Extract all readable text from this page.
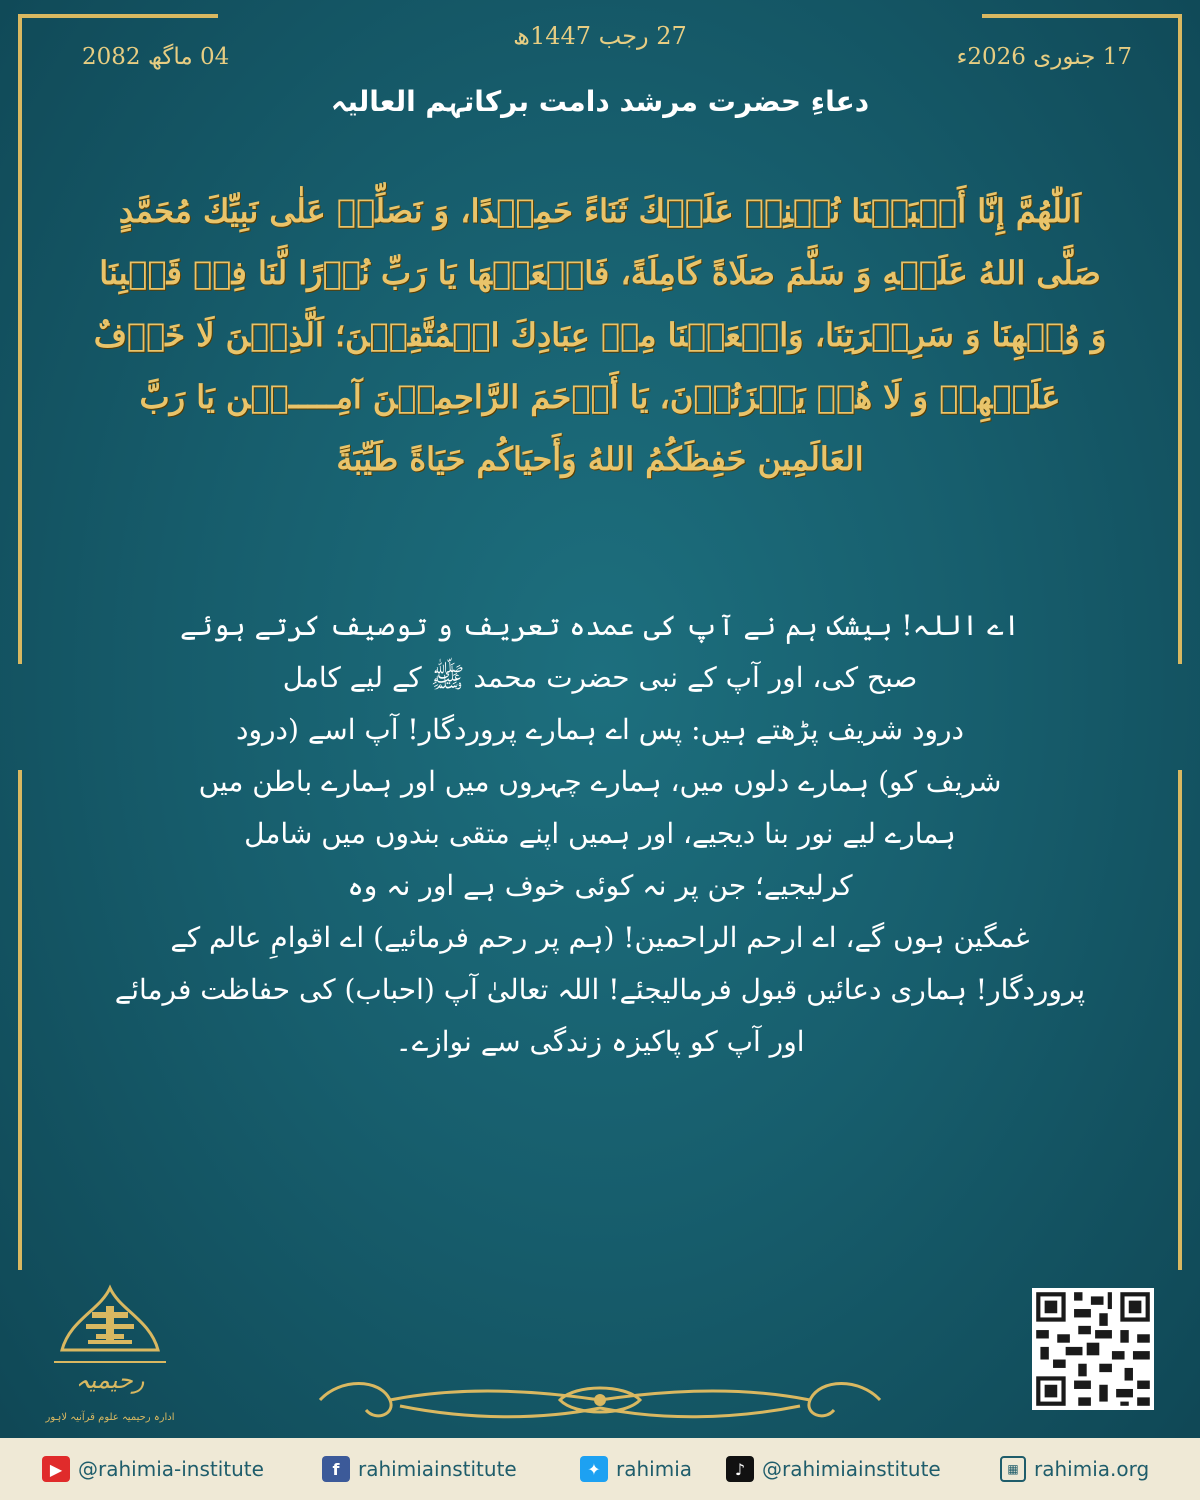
27 رجب 1447ھ
17 جنوری 2026ء
04 ماگھ 2082
دعاءِ حضرت مرشد دامت برکاتہم العالیہ
اَللّٰهُمَّ إِنَّا أَصۡبَحۡنَا نُثۡنِيۡ عَلَيۡكَ ثَنَاءً حَمِيۡدًا، وَ نَصَلِّيۡ عَلٰى نَبِيِّكَ مُحَمَّدٍ صَلَّى اللهُ عَلَيۡهِ وَ سَلَّمَ صَلَاةً كَامِلَةً، فَاجۡعَلۡهَا يَا رَبِّ نُوۡرًا لَّنَا فِيۡ قَلۡبِنَا وَ وُجۡهِنَا وَ سَرِيۡرَتِنَا، وَاجۡعَلۡنَا مِنۡ عِبَادِكَ الۡمُتَّقِيۡنَ؛ اَلَّذِيۡنَ لَا خَوۡفٌ عَلَيۡهِمۡ وَ لَا هُمۡ يَحۡزَنُوۡنَ، يَا أَرۡحَمَ الرَّاحِمِيۡنَ آمِـــــيۡن يَا رَبَّ العَالَمِين حَفِظَكُمُ اللهُ وَأَحيَاكُم حَيَاةً طَيِّبَةً
اے اللہ! بیشک ہم نے آپ کی عمدہ تعریف و توصیف کرتے ہوئے
صبح کی، اور آپ کے نبی حضرت محمد ﷺ کے لیے کامل
درود شریف پڑھتے ہیں: پس اے ہمارے پروردگار! آپ اسے (درود
شریف کو) ہمارے دلوں میں، ہمارے چہروں میں اور ہمارے باطن میں
ہمارے لیے نور بنا دیجیے، اور ہمیں اپنے متقی بندوں میں شامل
کرلیجیے؛ جن پر نہ کوئی خوف ہے اور نہ وہ
غمگین ہوں گے، اے ارحم الراحمین! (ہم پر رحم فرمائیے) اے اقوامِ عالم کے
پروردگار! ہماری دعائیں قبول فرمالیجئے! اللہ تعالیٰ آپ (احباب) کی حفاظت فرمائے
اور آپ کو پاکیزہ زندگی سے نوازے۔
رحیمیہ
ادارہ رحیمیہ علوم قرآنیہ لاہور
▶ @rahimia-institute	f rahimiainstitute	✦ rahimia	♪ @rahimiainstitute	▦ rahimia.org
